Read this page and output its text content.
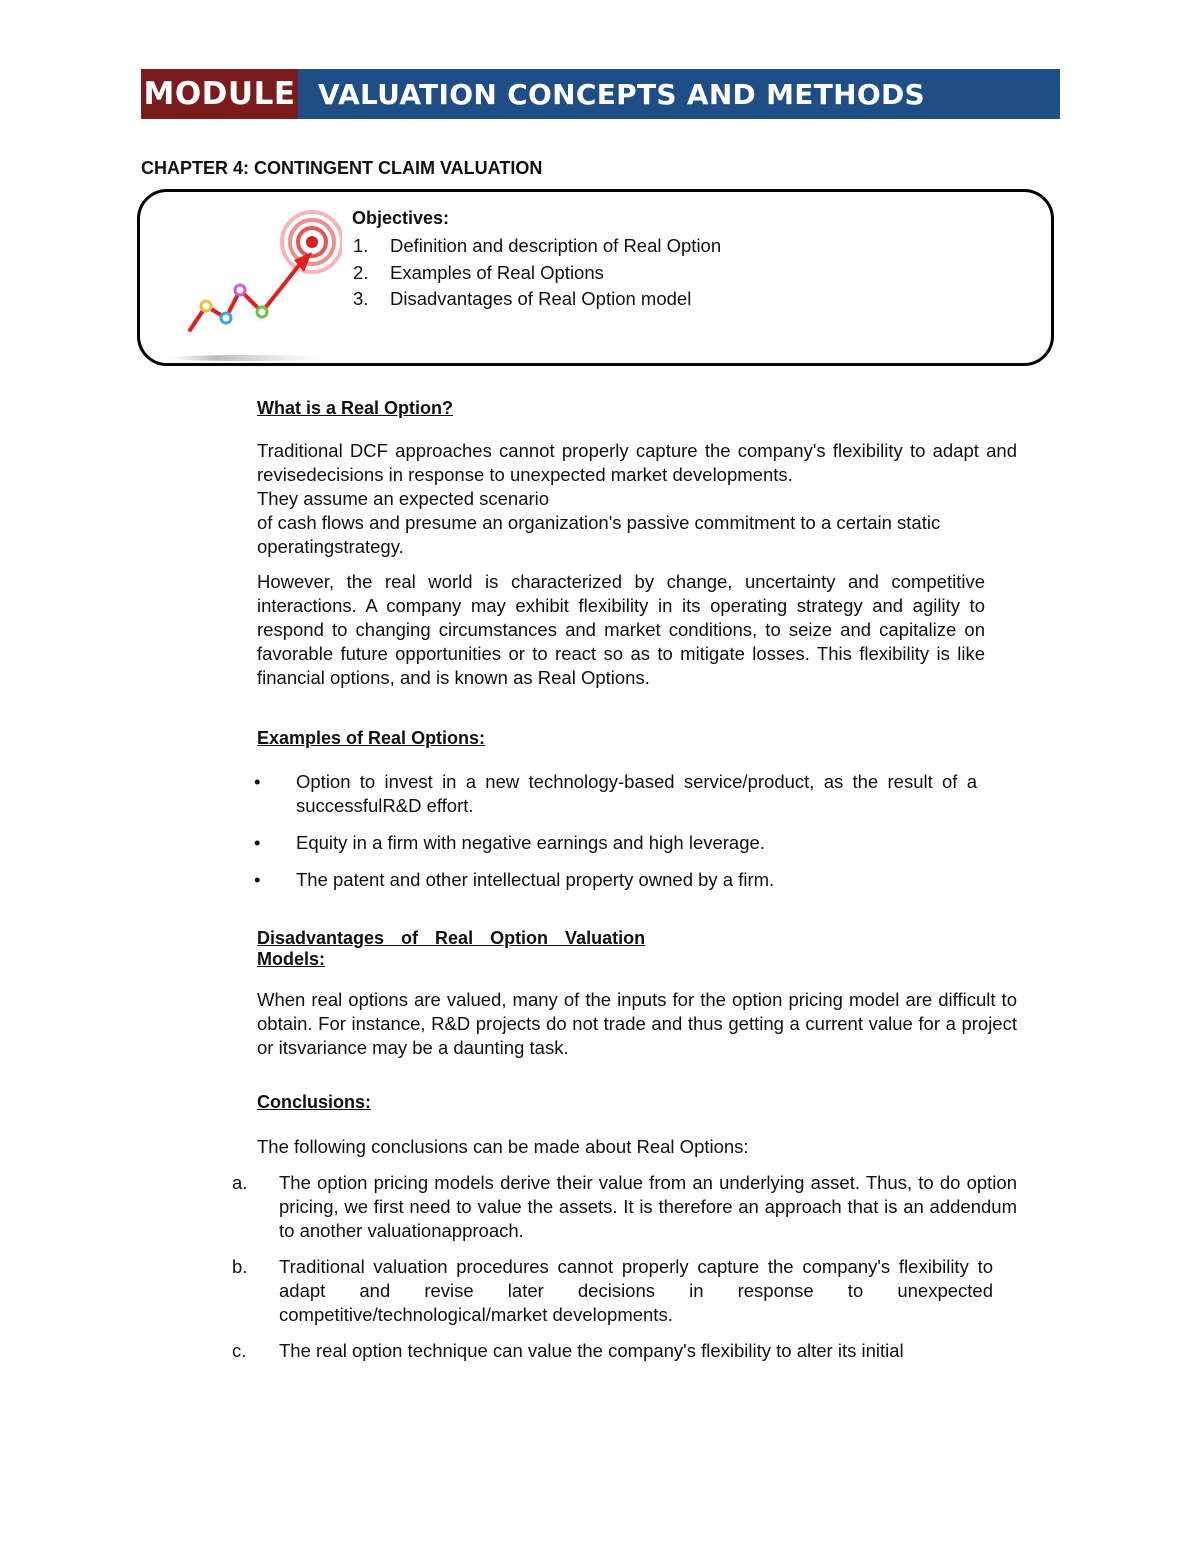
MODULE VALUATION CONCEPTS AND METHODS
CHAPTER 4: CONTINGENT CLAIM VALUATION
Objectives:
1.	Definition and description of Real Option
2.	Examples of Real Options
3.	Disadvantages of Real Option model

What is a Real Option?

Traditional DCF approaches cannot properly capture the company's flexibility to adapt and revisedecisions in response to unexpected market developments.

They assume an expected scenario

of cash flows and presume an organization's passive commitment to a certain static operatingstrategy.

However, the real world is characterized by change, uncertainty and competitive interactions. A company may exhibit flexibility in its operating strategy and agility to respond to changing circumstances and market conditions, to seize and capitalize on favorable future opportunities or to react so as to mitigate losses. This flexibility is like financial options, and is known as Real Options.

Examples of Real Options:

•	Option to invest in a new technology-based service/product, as the result of a successfulR&D effort.
•	Equity in a firm with negative earnings and high leverage.
•	The patent and other intellectual property owned by a firm.

Disadvantages of Real Option Valuation

Models:

When real options are valued, many of the inputs for the option pricing model are difficult to obtain. For instance, R&D projects do not trade and thus getting a current value for a project or itsvariance may be a daunting task.

Conclusions:

The following conclusions can be made about Real Options:

a.	The option pricing models derive their value from an underlying asset. Thus, to do option pricing, we first need to value the assets. It is therefore an approach that is an addendum to another valuationapproach.
b.	Traditional valuation procedures cannot properly capture the company's flexibility to adapt and revise later decisions in response to unexpected competitive/technological/market developments.
c.	The real option technique can value the company's flexibility to alter its initial
